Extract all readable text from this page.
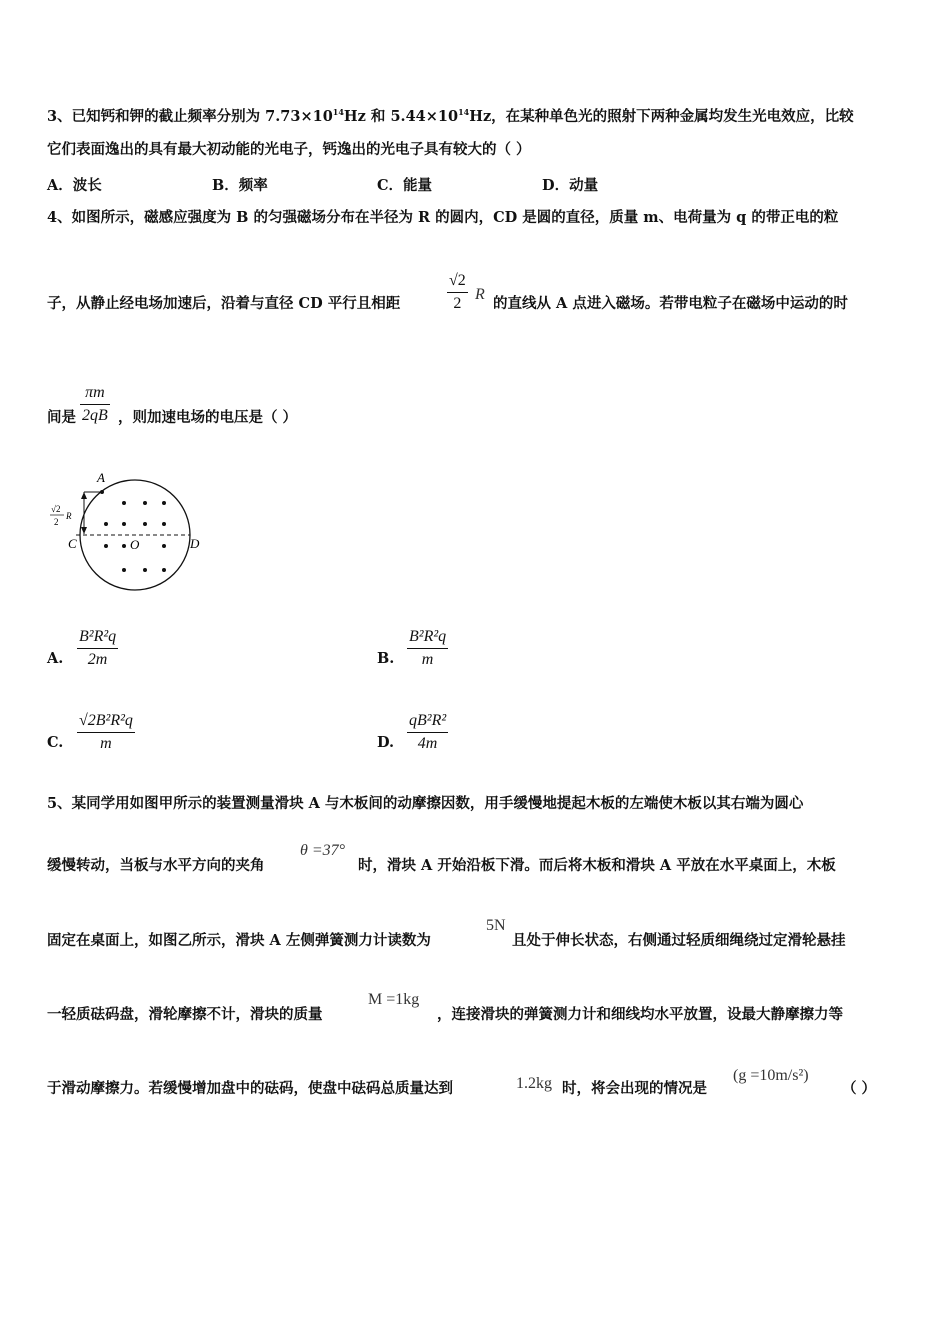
3、已知钙和钾的截止频率分别为 $7.73\times 10^{14}Hz$ 和 $5.44\times 10^{14}Hz$，在某种单色光的照射下两种金属均发生光电效应，比较
它们表面逸出的具有最大初动能的光电子，钙逸出的光电子具有较大的（ ）
A．波长	B．频率	C．能量	D．动量
4、如图所示，磁感应强度为 B 的匀强磁场分布在半径为 R 的圆内，CD 是圆的直径，质量 m、电荷量为 q 的带正电的粒
子，从静止经电场加速后，沿着与直径 CD 平行且相距	$\frac{√2}{2}$ R
的直线从 A 点进入磁场。若带电粒子在磁场中运动的时
间是 $\frac{\pi m}{2qB}$ ，则加速电场的电压是（ ）
A
C	O	D
√2
2
R
A. $\frac{\text{B²R²q}}{2m}$	B. $\frac{\text{B²R²q}}{m}$
C. $\frac{\text{√2B²R²q}}{m}$	D. $\frac{\text{qB²R²}}{4m}$
5、某同学用如图甲所示的装置测量滑块 A 与木板间的动摩擦因数，用手缓慢地提起木板的左端使木板以其右端为圆心
缓慢转动，当板与水平方向的夹角
θ =37°
时，滑块 A 开始沿板下滑。而后将木板和滑块 A 平放在水平桌面上，木板
固定在桌面上，如图乙所示，滑块 A 左侧弹簧测力计读数为
5N
且处于伸长状态，右侧通过轻质细绳绕过定滑轮悬挂
一轻质砝码盘，滑轮摩擦不计，滑块的质量
M =1kg
，连接滑块的弹簧测力计和细线均水平放置，设最大静摩擦力等
于滑动摩擦力。若缓慢增加盘中的砝码，使盘中砝码总质量达到	1.2kg 时，将会出现的情况是
(g =10m/s²)
（ ）
